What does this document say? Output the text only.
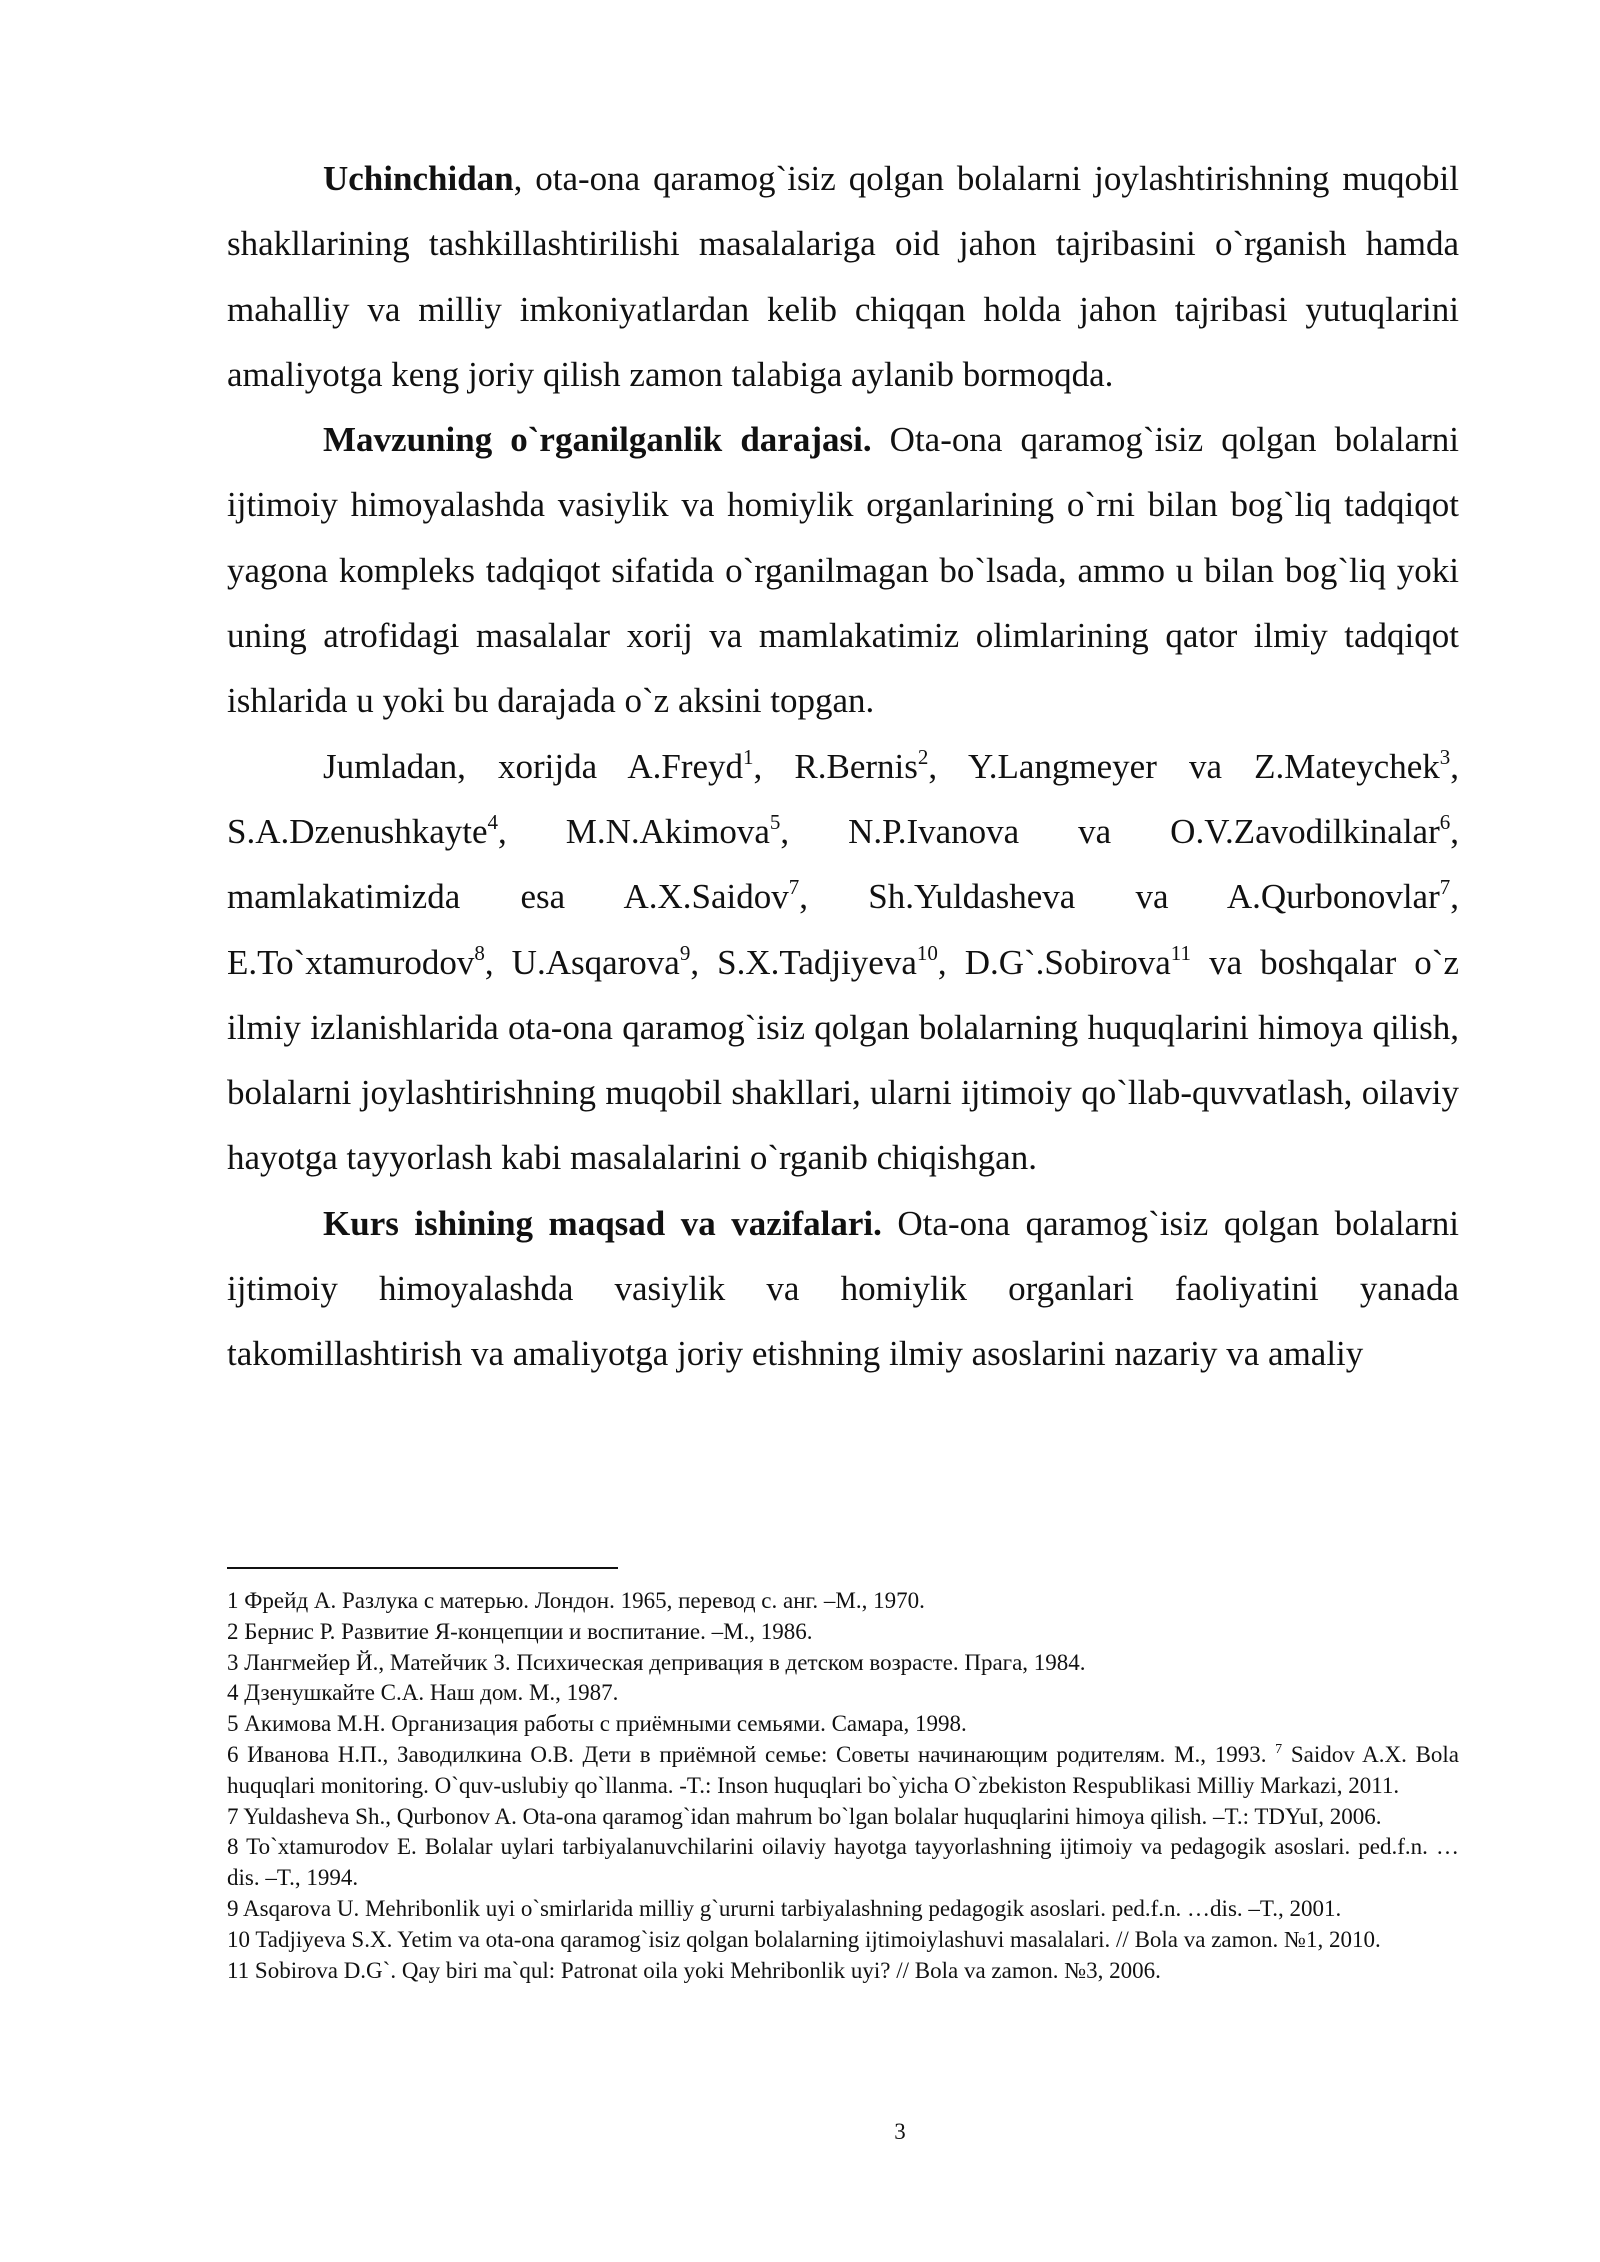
Uchinchidan, ota-ona qaramog`isiz qolgan bolalarni joylashtirishning muqobil shakllarining tashkillashtirilishi masalalariga oid jahon tajribasini o`rganish hamda mahalliy va milliy imkoniyatlardan kelib chiqqan holda jahon tajribasi yutuqlarini amaliyotga keng joriy qilish zamon talabiga aylanib bormoqda.

Mavzuning o`rganilganlik darajasi. Ota-ona qaramog`isiz qolgan bolalarni ijtimoiy himoyalashda vasiylik va homiylik organlarining o`rni bilan bog`liq tadqiqot yagona kompleks tadqiqot sifatida o`rganilmagan bo`lsada, ammo u bilan bog`liq yoki uning atrofidagi masalalar xorij va mamlakatimiz olimlarining qator ilmiy tadqiqot ishlarida u yoki bu darajada o`z aksini topgan.

Jumladan, xorijda A.Freyd$^1$, R.Bernis$^2$, Y.Langmeyer va Z.Mateychek$^3$, S.A.Dzenushkayte$^4$, M.N.Akimova$^5$, N.P.Ivanova va O.V.Zavodilkinalar$^6$, mamlakatimizda esa A.X.Saidov$^7$, Sh.Yuldasheva va A.Qurbonovlar$^7$, E.To`xtamurodov$^8$, U.Asqarova$^9$, S.X.Tadjiyeva$^{10}$, D.G`.Sobirova$^{11}$ va boshqalar o`z ilmiy izlanishlarida ota-ona qaramog`isiz qolgan bolalarning huquqlarini himoya qilish, bolalarni joylashtirishning muqobil shakllari, ularni ijtimoiy qo`llab-quvvatlash, oilaviy hayotga tayyorlash kabi masalalarini o`rganib chiqishgan.

Kurs ishining maqsad va vazifalari. Ota-ona qaramog`isiz qolgan bolalarni ijtimoiy himoyalashda vasiylik va homiylik organlari faoliyatini yanada takomillashtirish va amaliyotga joriy etishning ilmiy asoslarini nazariy va amaliy

1 Фрейд А. Разлука с матерью. Лондон. 1965, перевод с. анг. –М., 1970.

2 Бернис Р. Развитие Я-концепции и воспитание. –М., 1986.

3 Лангмейер Й., Матейчик З. Психическая депривация в детском возрасте. Прага, 1984.

4 Дзенушкайте С.А. Наш дом. М., 1987.

5 Акимова М.Н. Организация работы с приёмными семьями. Самара, 1998.

6 Иванова Н.П., Заводилкина О.В. Дети в приёмной семье: Советы начинающим родителям. М., 1993. $^7$ Saidov A.X. Bola huquqlari monitoring. O`quv-uslubiy qo`llanma. -T.: Inson huquqlari bo`yicha O`zbekiston Respublikasi Milliy Markazi, 2011.

7 Yuldasheva Sh., Qurbonov A. Ota-ona qaramog`idan mahrum bo`lgan bolalar huquqlarini himoya qilish. –T.: TDYuI, 2006.

8 To`xtamurodov E. Bolalar uylari tarbiyalanuvchilarini oilaviy hayotga tayyorlashning ijtimoiy va pedagogik asoslari. ped.f.n. …dis. –T., 1994.

9 Asqarova U. Mehribonlik uyi o`smirlarida milliy g`ururni tarbiyalashning pedagogik asoslari. ped.f.n. …dis. –T., 2001.

10 Tadjiyeva S.X. Yetim va ota-ona qaramog`isiz qolgan bolalarning ijtimoiylashuvi masalalari. // Bola va zamon. №1, 2010.

11 Sobirova D.G`. Qay biri ma`qul: Patronat oila yoki Mehribonlik uyi? // Bola va zamon. №3, 2006.

3
